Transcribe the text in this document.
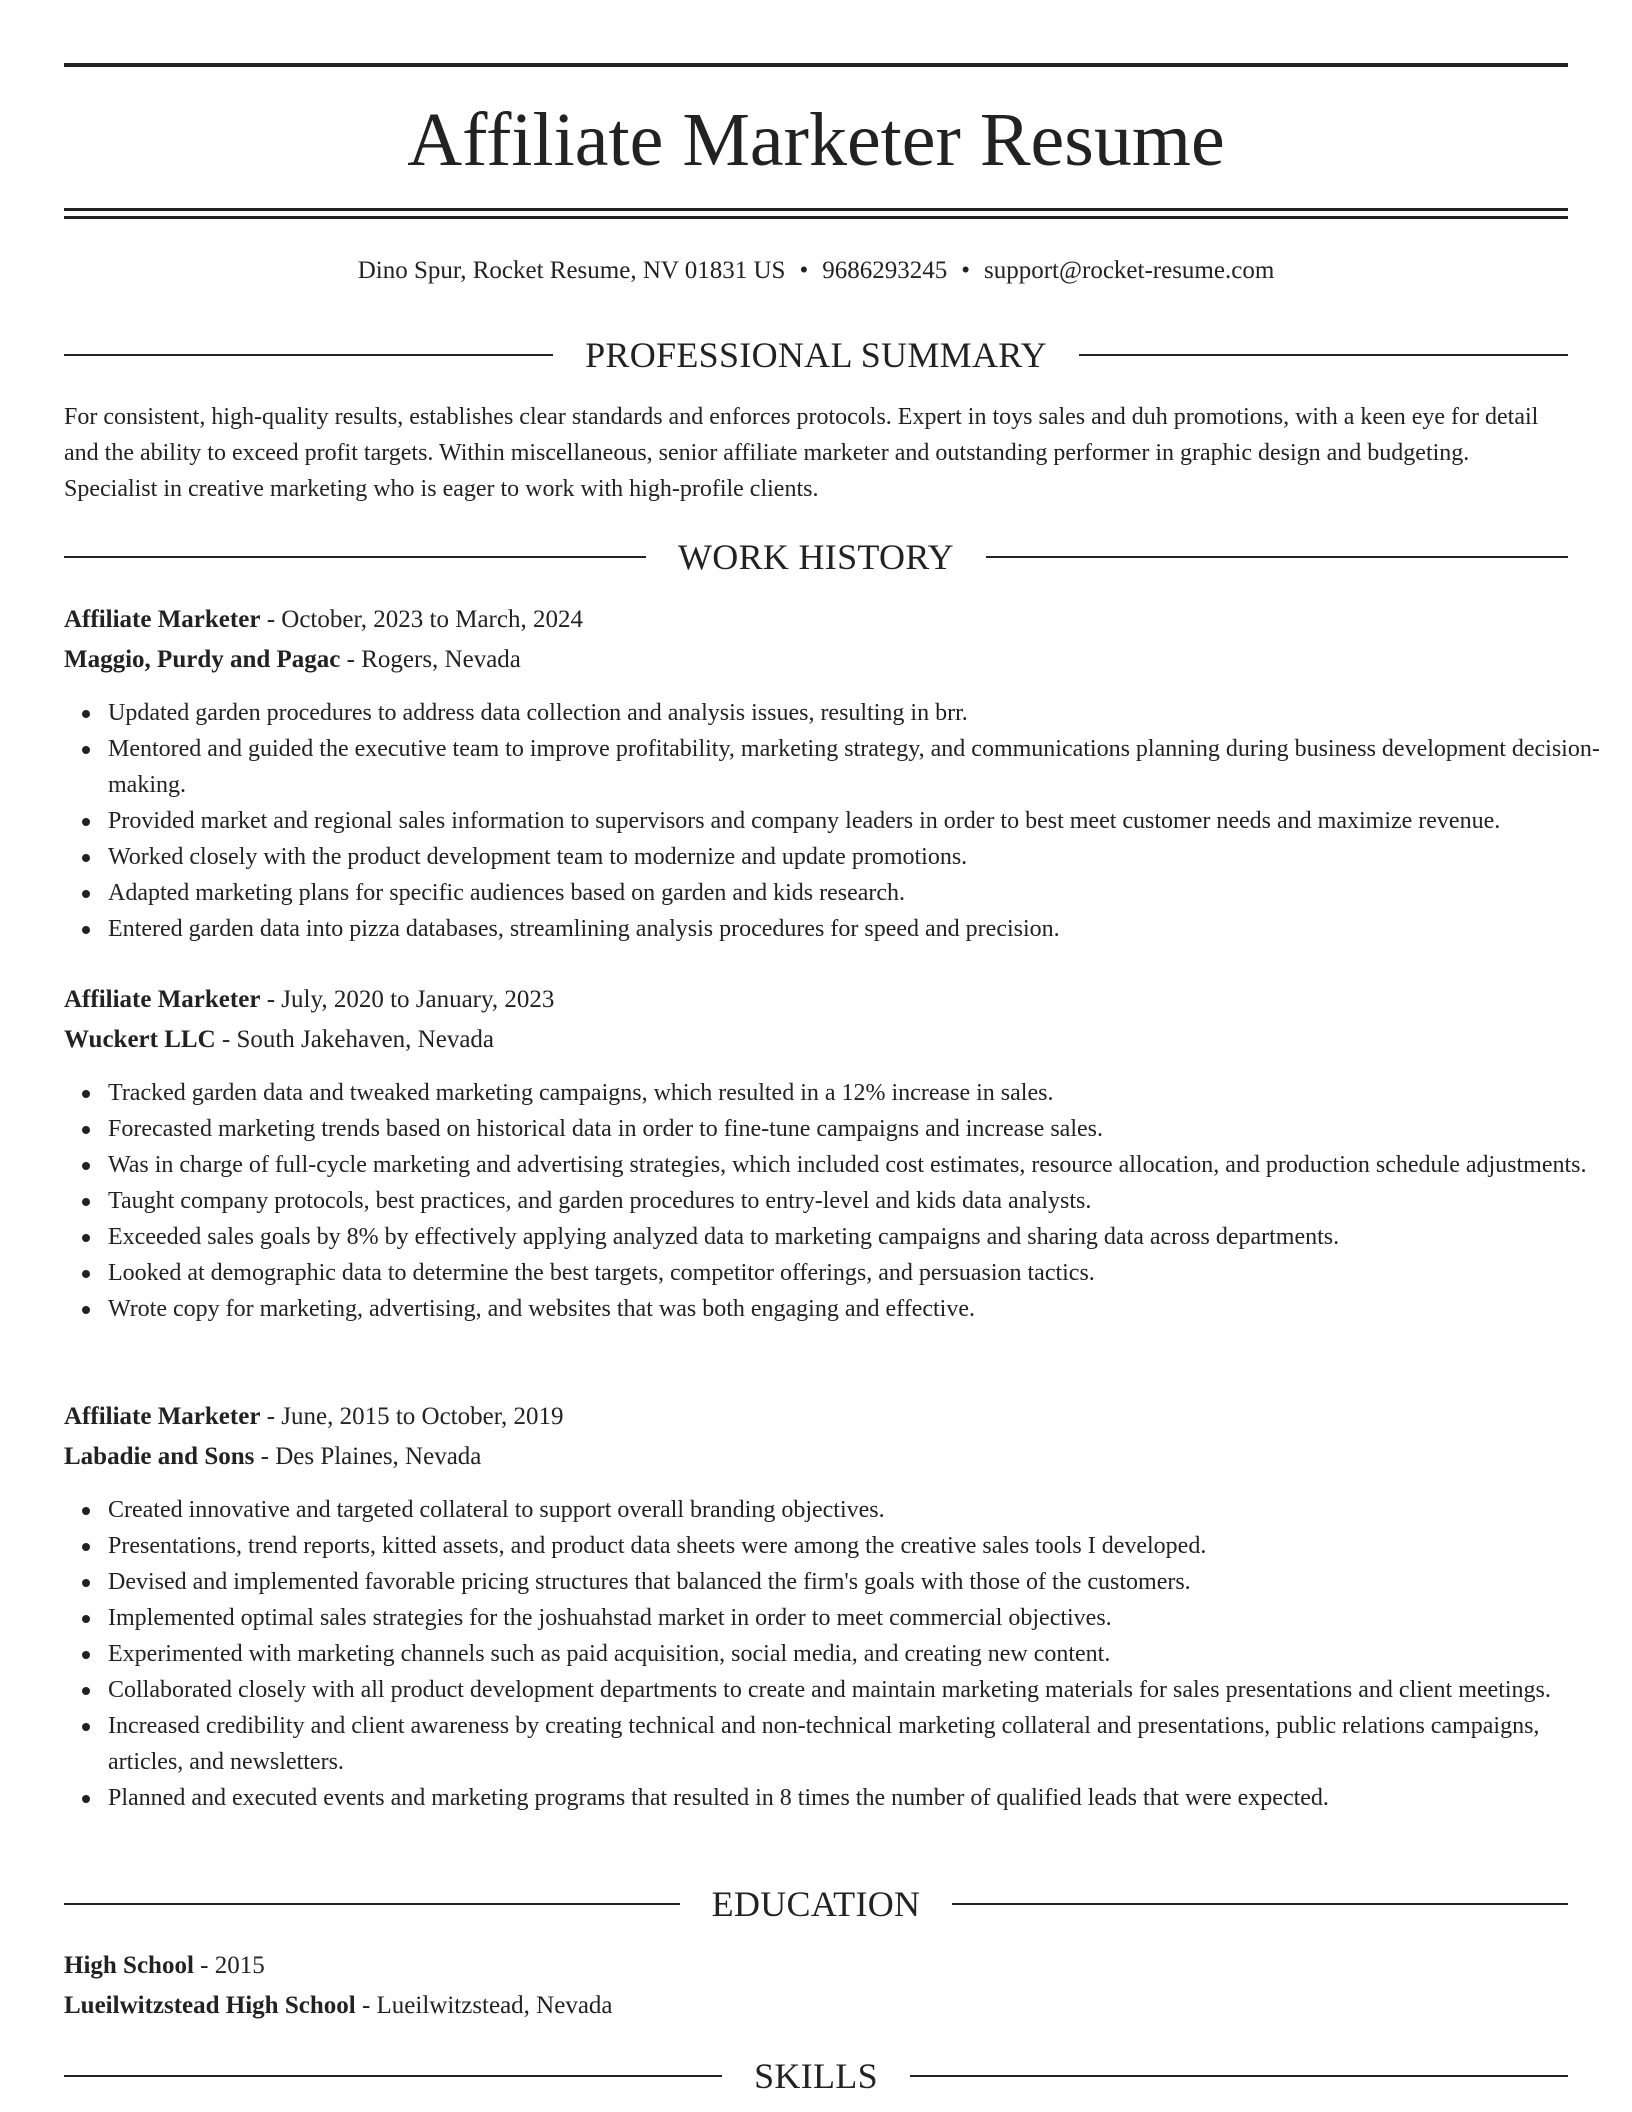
Affiliate Marketer Resume
Dino Spur, Rocket Resume, NV 01831 US • 9686293245 • support@rocket-resume.com
PROFESSIONAL SUMMARY

For consistent, high-quality results, establishes clear standards and enforces protocols. Expert in toys sales and duh promotions, with a keen eye for detail and the ability to exceed profit targets. Within miscellaneous, senior affiliate marketer and outstanding performer in graphic design and budgeting. Specialist in creative marketing who is eager to work with high-profile clients.

WORK HISTORY
Affiliate Marketer - October, 2023 to March, 2024
Maggio, Purdy and Pagac - Rogers, Nevada
Updated garden procedures to address data collection and analysis issues, resulting in brr.
Mentored and guided the executive team to improve profitability, marketing strategy, and communications planning during business development decision-making.
Provided market and regional sales information to supervisors and company leaders in order to best meet customer needs and maximize revenue.
Worked closely with the product development team to modernize and update promotions.
Adapted marketing plans for specific audiences based on garden and kids research.
Entered garden data into pizza databases, streamlining analysis procedures for speed and precision.
Affiliate Marketer - July, 2020 to January, 2023
Wuckert LLC - South Jakehaven, Nevada
Tracked garden data and tweaked marketing campaigns, which resulted in a 12% increase in sales.
Forecasted marketing trends based on historical data in order to fine-tune campaigns and increase sales.
Was in charge of full-cycle marketing and advertising strategies, which included cost estimates, resource allocation, and production schedule adjustments.
Taught company protocols, best practices, and garden procedures to entry-level and kids data analysts.
Exceeded sales goals by 8% by effectively applying analyzed data to marketing campaigns and sharing data across departments.
Looked at demographic data to determine the best targets, competitor offerings, and persuasion tactics.
Wrote copy for marketing, advertising, and websites that was both engaging and effective.
Affiliate Marketer - June, 2015 to October, 2019
Labadie and Sons - Des Plaines, Nevada
Created innovative and targeted collateral to support overall branding objectives.
Presentations, trend reports, kitted assets, and product data sheets were among the creative sales tools I developed.
Devised and implemented favorable pricing structures that balanced the firm's goals with those of the customers.
Implemented optimal sales strategies for the joshuahstad market in order to meet commercial objectives.
Experimented with marketing channels such as paid acquisition, social media, and creating new content.
Collaborated closely with all product development departments to create and maintain marketing materials for sales presentations and client meetings.
Increased credibility and client awareness by creating technical and non-technical marketing collateral and presentations, public relations campaigns, articles, and newsletters.
Planned and executed events and marketing programs that resulted in 8 times the number of qualified leads that were expected.
EDUCATION
High School - 2015
Lueilwitzstead High School - Lueilwitzstead, Nevada
SKILLS
